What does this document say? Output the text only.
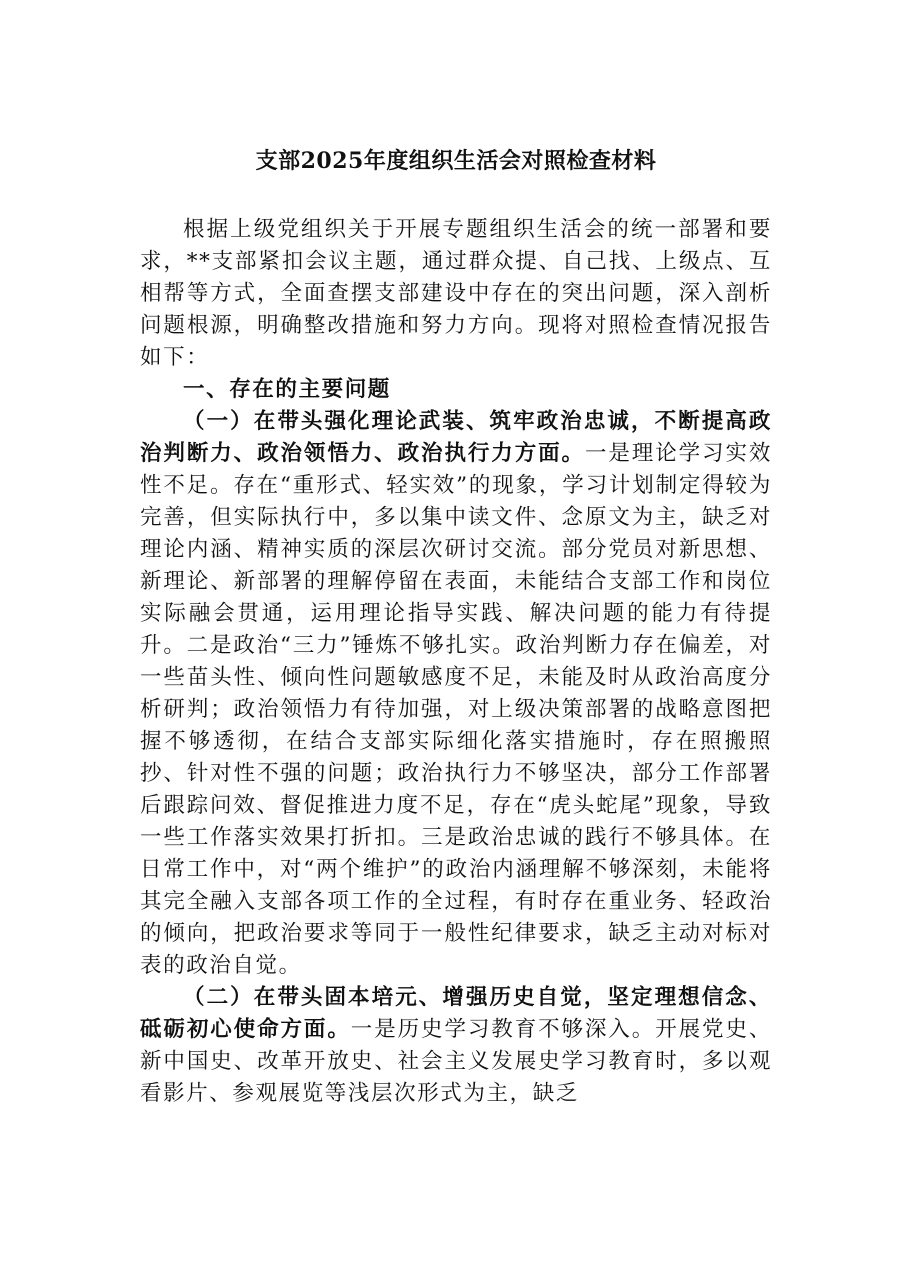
支部2025年度组织生活会对照检查材料

根据上级党组织关于开展专题组织生活会的统一部署和要求，**支部紧扣会议主题，通过群众提、自己找、上级点、互相帮等方式，全面查摆支部建设中存在的突出问题，深入剖析问题根源，明确整改措施和努力方向。现将对照检查情况报告如下：

一、存在的主要问题

（一）在带头强化理论武装、筑牢政治忠诚，不断提高政治判断力、政治领悟力、政治执行力方面。一是理论学习实效性不足。存在“重形式、轻实效”的现象，学习计划制定得较为完善，但实际执行中，多以集中读文件、念原文为主，缺乏对理论内涵、精神实质的深层次研讨交流。部分党员对新思想、新理论、新部署的理解停留在表面，未能结合支部工作和岗位实际融会贯通，运用理论指导实践、解决问题的能力有待提升。二是政治“三力”锤炼不够扎实。政治判断力存在偏差，对一些苗头性、倾向性问题敏感度不足，未能及时从政治高度分析研判；政治领悟力有待加强，对上级决策部署的战略意图把握不够透彻，在结合支部实际细化落实措施时，存在照搬照抄、针对性不强的问题；政治执行力不够坚决，部分工作部署后跟踪问效、督促推进力度不足，存在“虎头蛇尾”现象，导致一些工作落实效果打折扣。三是政治忠诚的践行不够具体。在日常工作中，对“两个维护”的政治内涵理解不够深刻，未能将其完全融入支部各项工作的全过程，有时存在重业务、轻政治的倾向，把政治要求等同于一般性纪律要求，缺乏主动对标对表的政治自觉。

（二）在带头固本培元、增强历史自觉，坚定理想信念、砥砺初心使命方面。一是历史学习教育不够深入。开展党史、新中国史、改革开放史、社会主义发展史学习教育时，多以观看影片、参观展览等浅层次形式为主，缺乏
